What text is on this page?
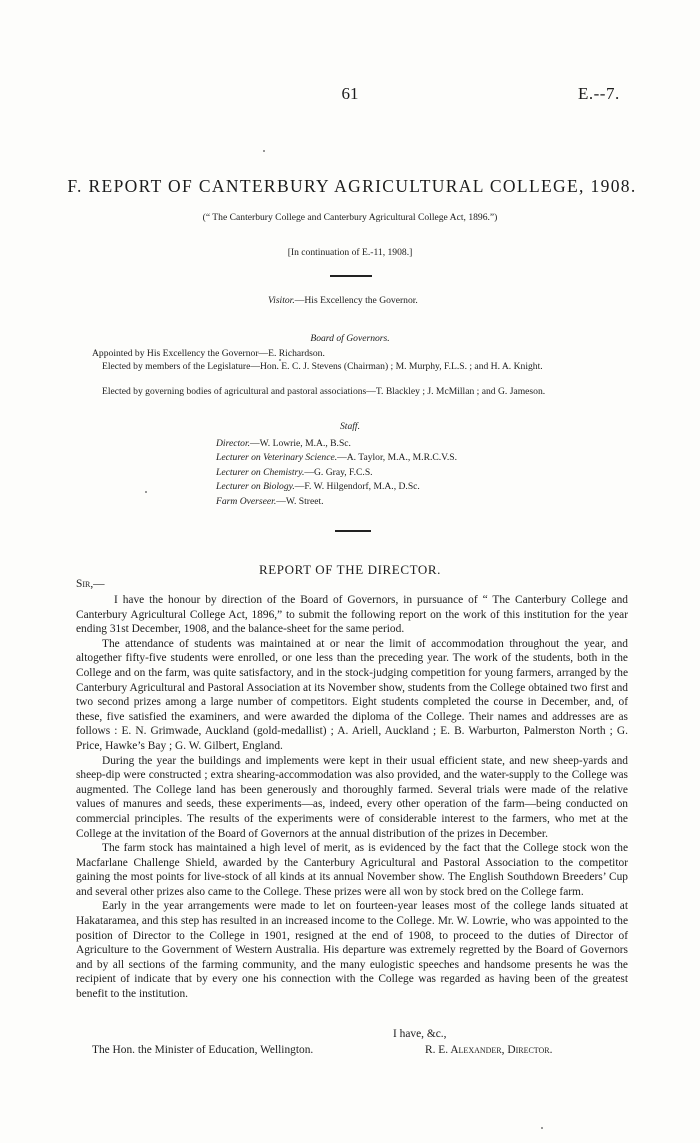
61	E.--7.
F. REPORT OF CANTERBURY AGRICULTURAL COLLEGE, 1908.
(“ The Canterbury College and Canterbury Agricultural College Act, 1896.”)
[In continuation of E.-11, 1908.]
Visitor.—His Excellency the Governor.
Board of Governors.
Appointed by His Excellency the Governor—E. Richardson.
Elected by members of the Legislature—Hon. E. C. J. Stevens (Chairman) ; M. Murphy, F.L.S. ; and H. A. Knight.
Elected by governing bodies of agricultural and pastoral associations—T. Blackley ; J. McMillan ; and G. Jameson.
Staff.
Director.—W. Lowrie, M.A., B.Sc.
Lecturer on Veterinary Science.—A. Taylor, M.A., M.R.C.V.S.
Lecturer on Chemistry.—G. Gray, F.C.S.
Lecturer on Biology.—F. W. Hilgendorf, M.A., D.Sc.
Farm Overseer.—W. Street.
REPORT OF THE DIRECTOR.
Sir,—

I have the honour by direction of the Board of Governors, in pursuance of “ The Canterbury College and Canterbury Agricultural College Act, 1896,” to submit the following report on the work of this institution for the year ending 31st December, 1908, and the balance-sheet for the same period.

The attendance of students was maintained at or near the limit of accommodation throughout the year, and altogether fifty-five students were enrolled, or one less than the preceding year. The work of the students, both in the College and on the farm, was quite satisfactory, and in the stock-judging competition for young farmers, arranged by the Canterbury Agricultural and Pastoral Association at its November show, students from the College obtained two first and two second prizes among a large number of competitors. Eight students completed the course in December, and, of these, five satisfied the examiners, and were awarded the diploma of the College. Their names and addresses are as follows : E. N. Grimwade, Auckland (gold-medallist) ; A. Ariell, Auckland ; E. B. Warburton, Palmerston North ; G. Price, Hawke’s Bay ; G. W. Gilbert, England.

During the year the buildings and implements were kept in their usual efficient state, and new sheep-yards and sheep-dip were constructed ; extra shearing-accommodation was also provided, and the water-supply to the College was augmented. The College land has been generously and thoroughly farmed. Several trials were made of the relative values of manures and seeds, these experiments—as, indeed, every other operation of the farm—being conducted on commercial principles. The results of the experiments were of considerable interest to the farmers, who met at the College at the invitation of the Board of Governors at the annual distribution of the prizes in December.

The farm stock has maintained a high level of merit, as is evidenced by the fact that the College stock won the Macfarlane Challenge Shield, awarded by the Canterbury Agricultural and Pastoral Association to the competitor gaining the most points for live-stock of all kinds at its annual November show. The English Southdown Breeders’ Cup and several other prizes also came to the College. These prizes were all won by stock bred on the College farm.

Early in the year arrangements were made to let on fourteen-year leases most of the college lands situated at Hakataramea, and this step has resulted in an increased income to the College. Mr. W. Lowrie, who was appointed to the position of Director to the College in 1901, resigned at the end of 1908, to proceed to the duties of Director of Agriculture to the Government of Western Australia. His departure was extremely regretted by the Board of Governors and by all sections of the farming community, and the many eulogistic speeches and handsome presents he was the recipient of indicate that by every one his connection with the College was regarded as having been of the greatest benefit to the institution.

I have, &c.,
The Hon. the Minister of Education, Wellington.	R. E. Alexander, Director.
